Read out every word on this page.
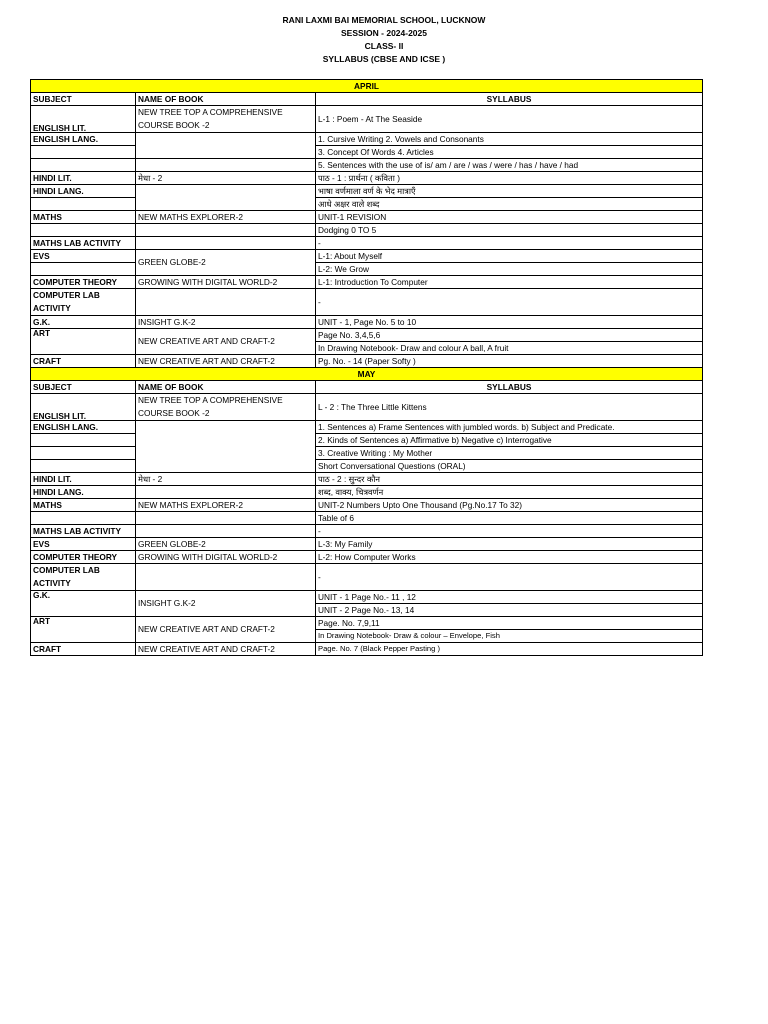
RANI LAXMI BAI MEMORIAL SCHOOL, LUCKNOW
SESSION - 2024-2025
CLASS- II
SYLLABUS (CBSE AND ICSE )
APRIL		
SUBJECT	NAME OF BOOK	SYLLABUS
ENGLISH LIT.	NEW TREE TOP A COMPREHENSIVE COURSE BOOK -2	L-1 : Poem - At The Seaside
ENGLISH LANG.		1. Cursive Writing 2. Vowels and Consonants
		3. Concept Of Words 4. Articles
		5. Sentences with the use of is/ am / are / was / were / has / have / had
HINDI LIT.	मेधा - 2	पाठ - 1 : प्रार्थना ( कविता )
HINDI LANG.		भाषा वर्णमाला वर्ण के भेद मात्राएँ
		आधे अक्षर वाले शब्द
MATHS	NEW MATHS EXPLORER-2	UNIT-1 REVISION
		Dodging 0 TO 5
MATHS LAB ACTIVITY		-
EVS	GREEN GLOBE-2	L-1: About Myself
		L-2: We Grow
COMPUTER THEORY	GROWING WITH DIGITAL WORLD-2	L-1: Introduction To Computer
COMPUTER LAB ACTIVITY		-
G.K.	INSIGHT G.K-2	UNIT - 1, Page No. 5 to 10
ART	NEW CREATIVE ART AND CRAFT-2	Page No. 3,4,5,6
		In Drawing Notebook- Draw and colour A ball, A fruit
CRAFT	NEW CREATIVE ART AND CRAFT-2	Pg. No. - 14 (Paper Softy )
MAY		
SUBJECT	NAME OF BOOK	SYLLABUS
ENGLISH LIT.	NEW TREE TOP A COMPREHENSIVE COURSE BOOK -2	L - 2 : The Three Little Kittens
ENGLISH LANG.		1. Sentences a) Frame Sentences with jumbled words. b) Subject and Predicate.
		2. Kinds of Sentences a) Affirmative b) Negative c) Interrogative
		3. Creative Writing : My Mother
		Short Conversational Questions (ORAL)
HINDI LIT.	मेधा - 2	पाठ - 2 : सुन्दर कौन
HINDI LANG.		शब्द, वाक्य, चित्रवर्णन
MATHS	NEW MATHS EXPLORER-2	UNIT-2 Numbers Upto One Thousand (Pg.No.17 To 32)
		Table of 6
MATHS LAB ACTIVITY		-
EVS	GREEN GLOBE-2	L-3: My Family
COMPUTER THEORY	GROWING WITH DIGITAL WORLD-2	L-2: How Computer Works
COMPUTER LAB ACTIVITY		-
G.K.	INSIGHT G.K-2	UNIT - 1 Page No.- 11 , 12
		UNIT - 2 Page No.- 13, 14
ART	NEW CREATIVE ART AND CRAFT-2	Page. No. 7,9,11
		In Drawing Notebook- Draw & colour – Envelope, Fish
CRAFT	NEW CREATIVE ART AND CRAFT-2	Page. No. 7 (Black Pepper Pasting )
